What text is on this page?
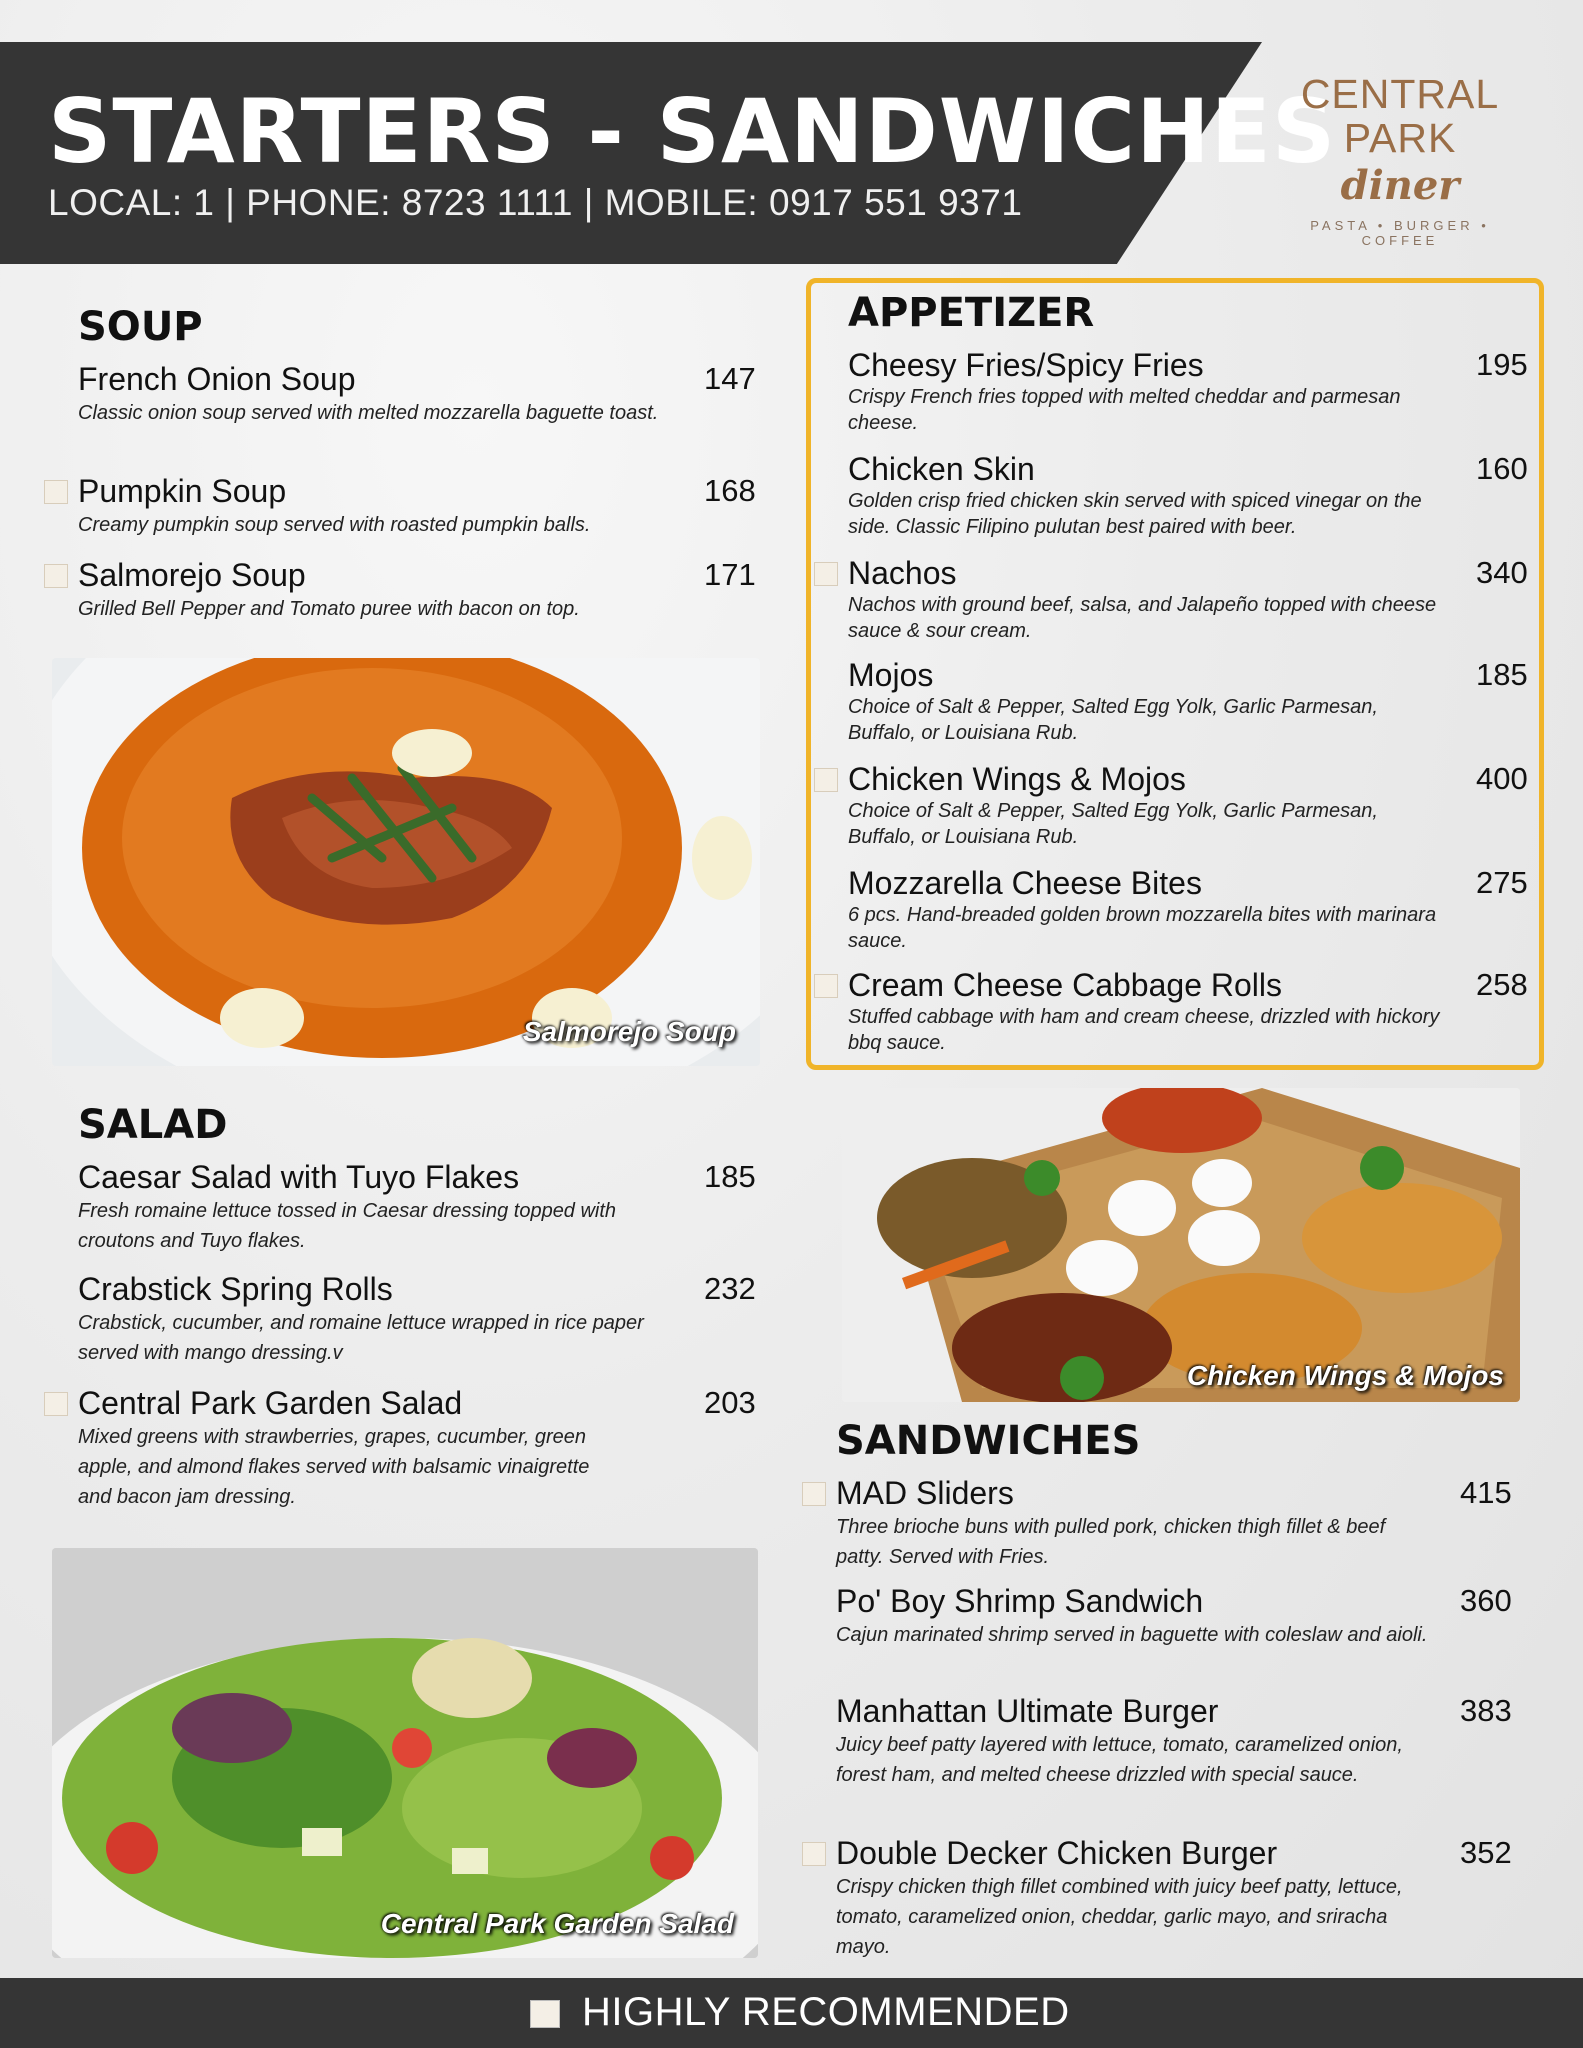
STARTERS - SANDWICHES
LOCAL: 1 | PHONE: 8723 1111 | MOBILE: 0917 551 9371
CENTRAL
PARK
diner
PASTA • BURGER • COFFEE
SOUP
French Onion Soup	147
Classic onion soup served with melted mozzarella baguette toast.
Pumpkin Soup	168
Creamy pumpkin soup served with roasted pumpkin balls.
Salmorejo Soup	171
Grilled Bell Pepper and Tomato puree with bacon on top.
Salmorejo Soup
SALAD
Caesar Salad with Tuyo Flakes	185
Fresh romaine lettuce tossed in Caesar dressing topped with croutons and Tuyo flakes.
Crabstick Spring Rolls	232
Crabstick, cucumber, and romaine lettuce wrapped in rice paper served with mango dressing.v
Central Park Garden Salad	203
Mixed greens with strawberries, grapes, cucumber, green apple, and almond flakes served with balsamic vinaigrette and bacon jam dressing.
Central Park Garden Salad
APPETIZER
Cheesy Fries/Spicy Fries	195
Crispy French fries topped with melted cheddar and parmesan cheese.
Chicken Skin	160
Golden crisp fried chicken skin served with spiced vinegar on the side. Classic Filipino pulutan best paired with beer.
Nachos	340
Nachos with ground beef, salsa, and Jalapeño topped with cheese sauce & sour cream.
Mojos	185
Choice of Salt & Pepper, Salted Egg Yolk, Garlic Parmesan, Buffalo, or Louisiana Rub.
Chicken Wings & Mojos	400
Choice of Salt & Pepper, Salted Egg Yolk, Garlic Parmesan, Buffalo, or Louisiana Rub.
Mozzarella Cheese Bites	275
6 pcs. Hand-breaded golden brown mozzarella bites with marinara sauce.
Cream Cheese Cabbage Rolls	258
Stuffed cabbage with ham and cream cheese, drizzled with hickory bbq sauce.
Chicken Wings & Mojos
SANDWICHES
MAD Sliders	415
Three brioche buns with pulled pork, chicken thigh fillet & beef patty. Served with Fries.
Po' Boy Shrimp Sandwich	360
Cajun marinated shrimp served in baguette with coleslaw and aioli.
Manhattan Ultimate Burger	383
Juicy beef patty layered with lettuce, tomato, caramelized onion, forest ham, and melted cheese drizzled with special sauce.
Double Decker Chicken Burger	352
Crispy chicken thigh fillet combined with juicy beef patty, lettuce, tomato, caramelized onion, cheddar, garlic mayo, and sriracha mayo.
HIGHLY RECOMMENDED
